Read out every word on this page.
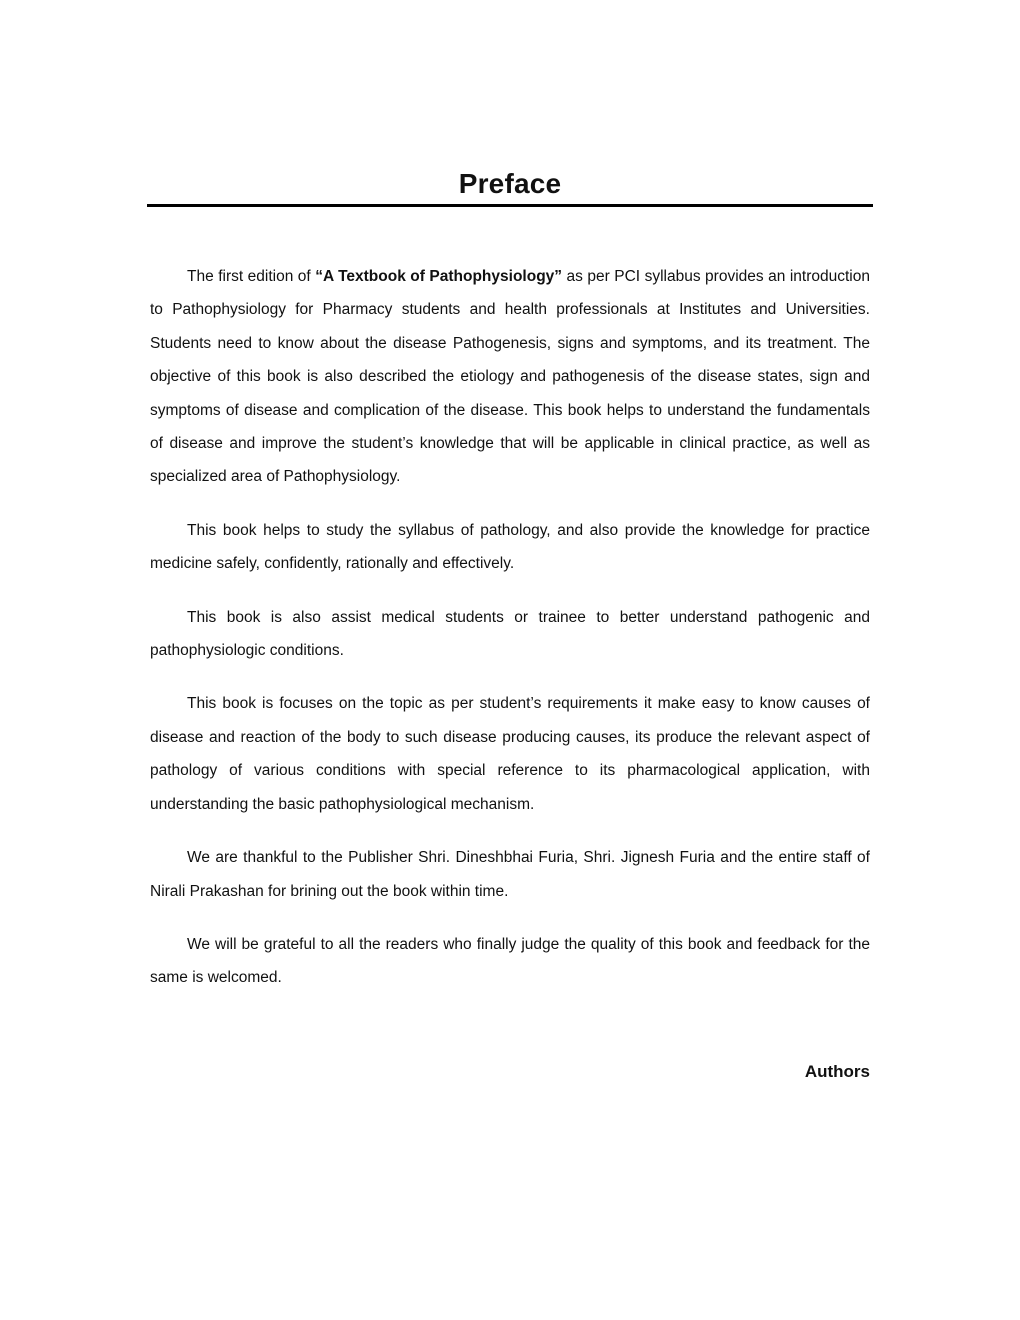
Preface

The first edition of “A Textbook of Pathophysiology” as per PCI syllabus provides an introduction to Pathophysiology for Pharmacy students and health professionals at Institutes and Universities. Students need to know about the disease Pathogenesis, signs and symptoms, and its treatment. The objective of this book is also described the etiology and pathogenesis of the disease states, sign and symptoms of disease and complication of the disease. This book helps to understand the fundamentals of disease and improve the student’s knowledge that will be applicable in clinical practice, as well as specialized area of Pathophysiology.

This book helps to study the syllabus of pathology, and also provide the knowledge for practice medicine safely, confidently, rationally and effectively.

This book is also assist medical students or trainee to better understand pathogenic and pathophysiologic conditions.

This book is focuses on the topic as per student’s requirements it make easy to know causes of disease and reaction of the body to such disease producing causes, its produce the relevant aspect of pathology of various conditions with special reference to its pharmacological application, with understanding the basic pathophysiological mechanism.

We are thankful to the Publisher Shri. Dineshbhai Furia, Shri. Jignesh Furia and the entire staff of Nirali Prakashan for brining out the book within time.

We will be grateful to all the readers who finally judge the quality of this book and feedback for the same is welcomed.

Authors
